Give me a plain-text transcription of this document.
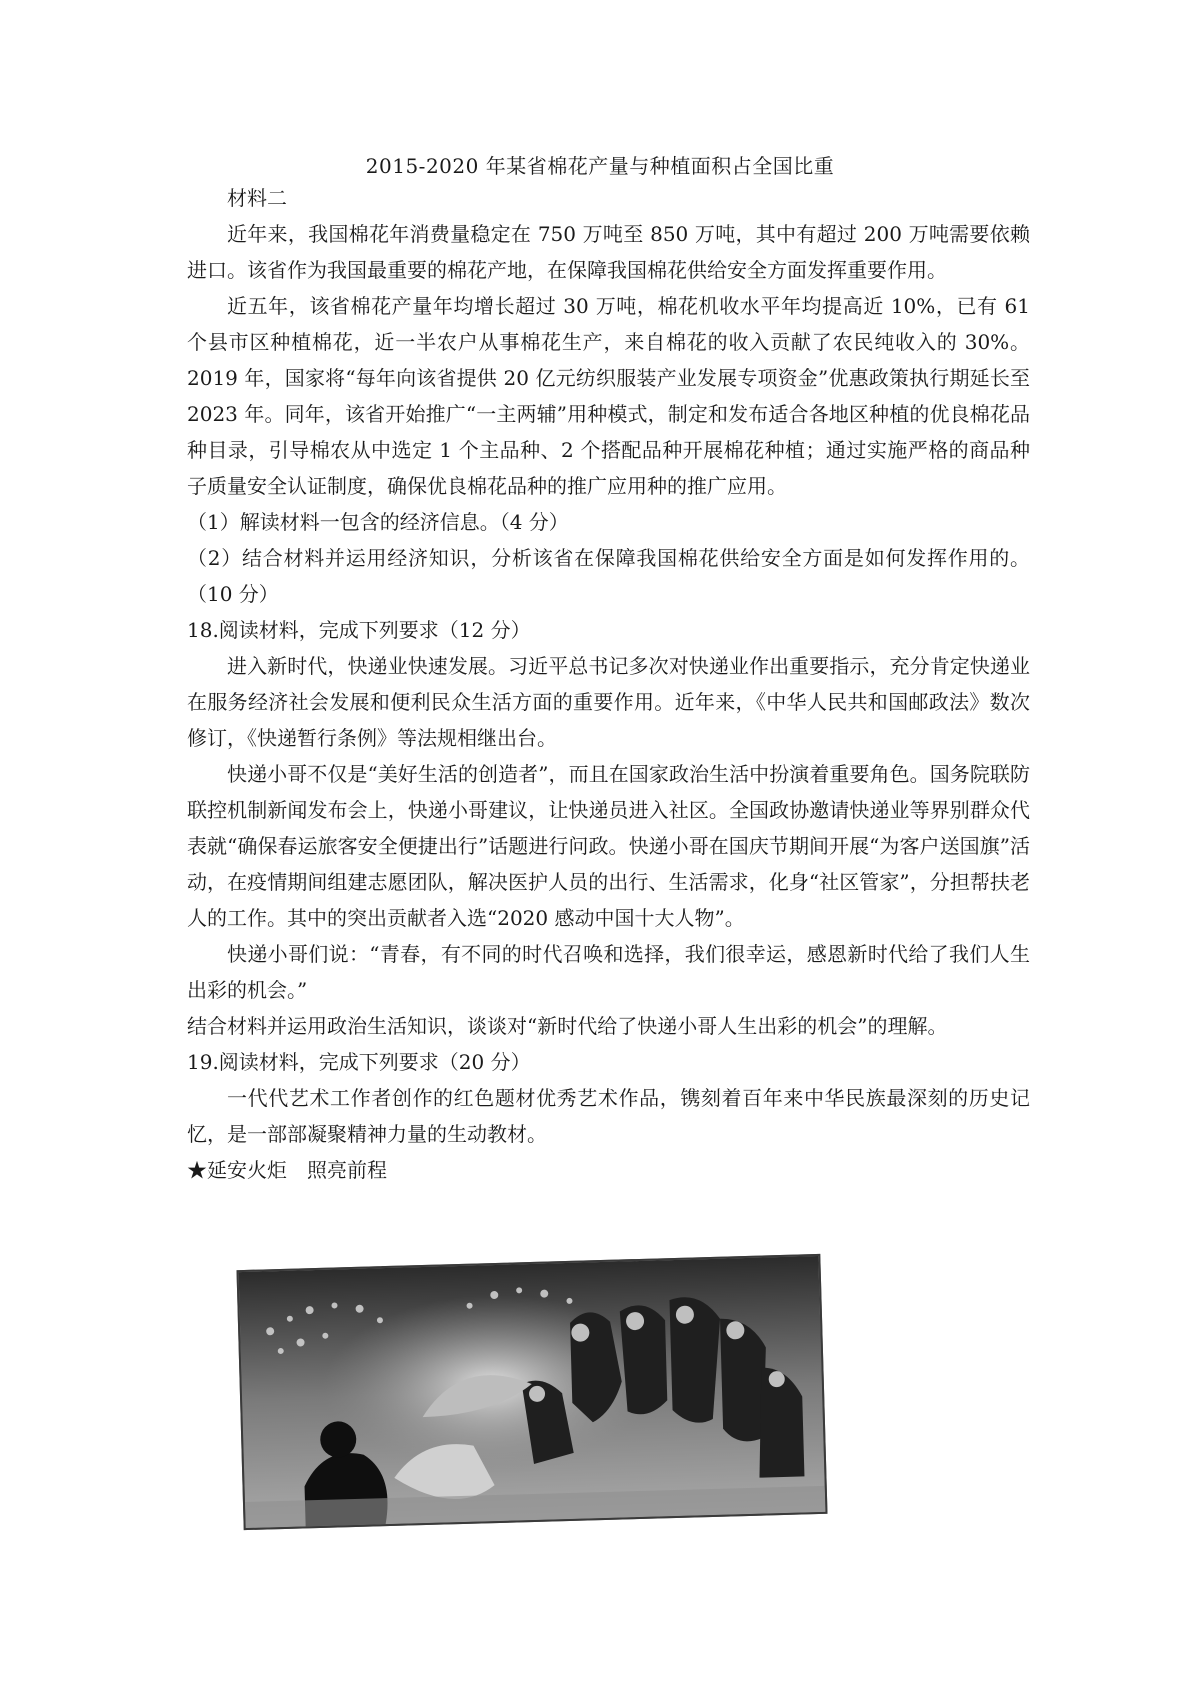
2015-2020 年某省棉花产量与种植面积占全国比重

材料二

近年来，我国棉花年消费量稳定在 750 万吨至 850 万吨，其中有超过 200 万吨需要依赖进口。该省作为我国最重要的棉花产地，在保障我国棉花供给安全方面发挥重要作用。

近五年，该省棉花产量年均增长超过 30 万吨，棉花机收水平年均提高近 10%，已有 61 个县市区种植棉花，近一半农户从事棉花生产，来自棉花的收入贡献了农民纯收入的 30%。2019 年，国家将“每年向该省提供 20 亿元纺织服装产业发展专项资金”优惠政策执行期延长至 2023 年。同年，该省开始推广“一主两辅”用种模式，制定和发布适合各地区种植的优良棉花品种目录，引导棉农从中选定 1 个主品种、2 个搭配品种开展棉花种植；通过实施严格的商品种子质量安全认证制度，确保优良棉花品种的推广应用种的推广应用。

（1）解读材料一包含的经济信息。（4 分）

（2）结合材料并运用经济知识，分析该省在保障我国棉花供给安全方面是如何发挥作用的。（10 分）

18.阅读材料，完成下列要求（12 分）

进入新时代，快递业快速发展。习近平总书记多次对快递业作出重要指示，充分肯定快递业在服务经济社会发展和便利民众生活方面的重要作用。近年来，《中华人民共和国邮政法》数次修订，《快递暂行条例》等法规相继出台。

快递小哥不仅是“美好生活的创造者”，而且在国家政治生活中扮演着重要角色。国务院联防联控机制新闻发布会上，快递小哥建议，让快递员进入社区。全国政协邀请快递业等界别群众代表就“确保春运旅客安全便捷出行”话题进行问政。快递小哥在国庆节期间开展“为客户送国旗”活动，在疫情期间组建志愿团队，解决医护人员的出行、生活需求，化身“社区管家”，分担帮扶老人的工作。其中的突出贡献者入选“2020 感动中国十大人物”。

快递小哥们说：“青春，有不同的时代召唤和选择，我们很幸运，感恩新时代给了我们人生出彩的机会。”

结合材料并运用政治生活知识，谈谈对“新时代给了快递小哥人生出彩的机会”的理解。

19.阅读材料，完成下列要求（20 分）

一代代艺术工作者创作的红色题材优秀艺术作品，镌刻着百年来中华民族最深刻的历史记忆，是一部部凝聚精神力量的生动教材。

★延安火炬　照亮前程
